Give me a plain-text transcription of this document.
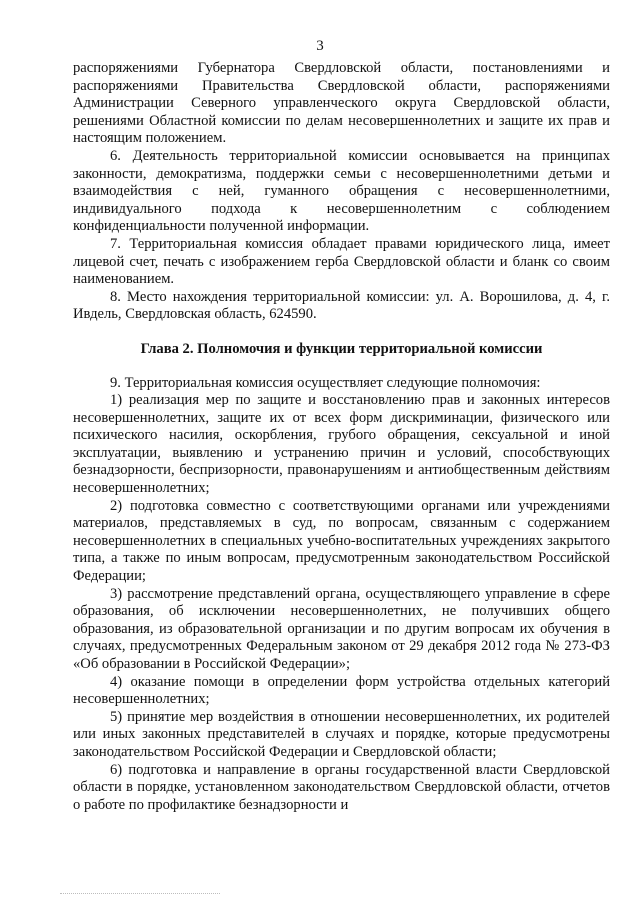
3

распоряжениями Губернатора Свердловской области, постановлениями и распоряжениями Правительства Свердловской области, распоряжениями Администрации Северного управленческого округа Свердловской области, решениями Областной комиссии по делам несовершеннолетних и защите их прав и настоящим положением.

6. Деятельность территориальной комиссии основывается на принципах законности, демократизма, поддержки семьи с несовершеннолетними детьми и взаимодействия с ней, гуманного обращения с несовершеннолетними, индивидуального подхода к несовершеннолетним с соблюдением конфиденциальности полученной информации.

7. Территориальная комиссия обладает правами юридического лица, имеет лицевой счет, печать с изображением герба Свердловской области и бланк со своим наименованием.

8. Место нахождения территориальной комиссии: ул. А. Ворошилова, д. 4, г. Ивдель, Свердловская область, 624590.

Глава 2. Полномочия и функции территориальной комиссии

9. Территориальная комиссия осуществляет следующие полномочия:

1) реализация мер по защите и восстановлению прав и законных интересов несовершеннолетних, защите их от всех форм дискриминации, физического или психического насилия, оскорбления, грубого обращения, сексуальной и иной эксплуатации, выявлению и устранению причин и условий, способствующих безнадзорности, беспризорности, правонарушениям и антиобщественным действиям несовершеннолетних;

2) подготовка совместно с соответствующими органами или учреждениями материалов, представляемых в суд, по вопросам, связанным с содержанием несовершеннолетних в специальных учебно-воспитательных учреждениях закрытого типа, а также по иным вопросам, предусмотренным законодательством Российской Федерации;

3) рассмотрение представлений органа, осуществляющего управление в сфере образования, об исключении несовершеннолетних, не получивших общего образования, из образовательной организации и по другим вопросам их обучения в случаях, предусмотренных Федеральным законом от 29 декабря 2012 года № 273-ФЗ «Об образовании в Российской Федерации»;

4) оказание помощи в определении форм устройства отдельных категорий несовершеннолетних;

5) принятие мер воздействия в отношении несовершеннолетних, их родителей или иных законных представителей в случаях и порядке, которые предусмотрены законодательством Российской Федерации и Свердловской области;

6) подготовка и направление в органы государственной власти Свердловской области в порядке, установленном законодательством Свердловской области, отчетов о работе по профилактике безнадзорности и
